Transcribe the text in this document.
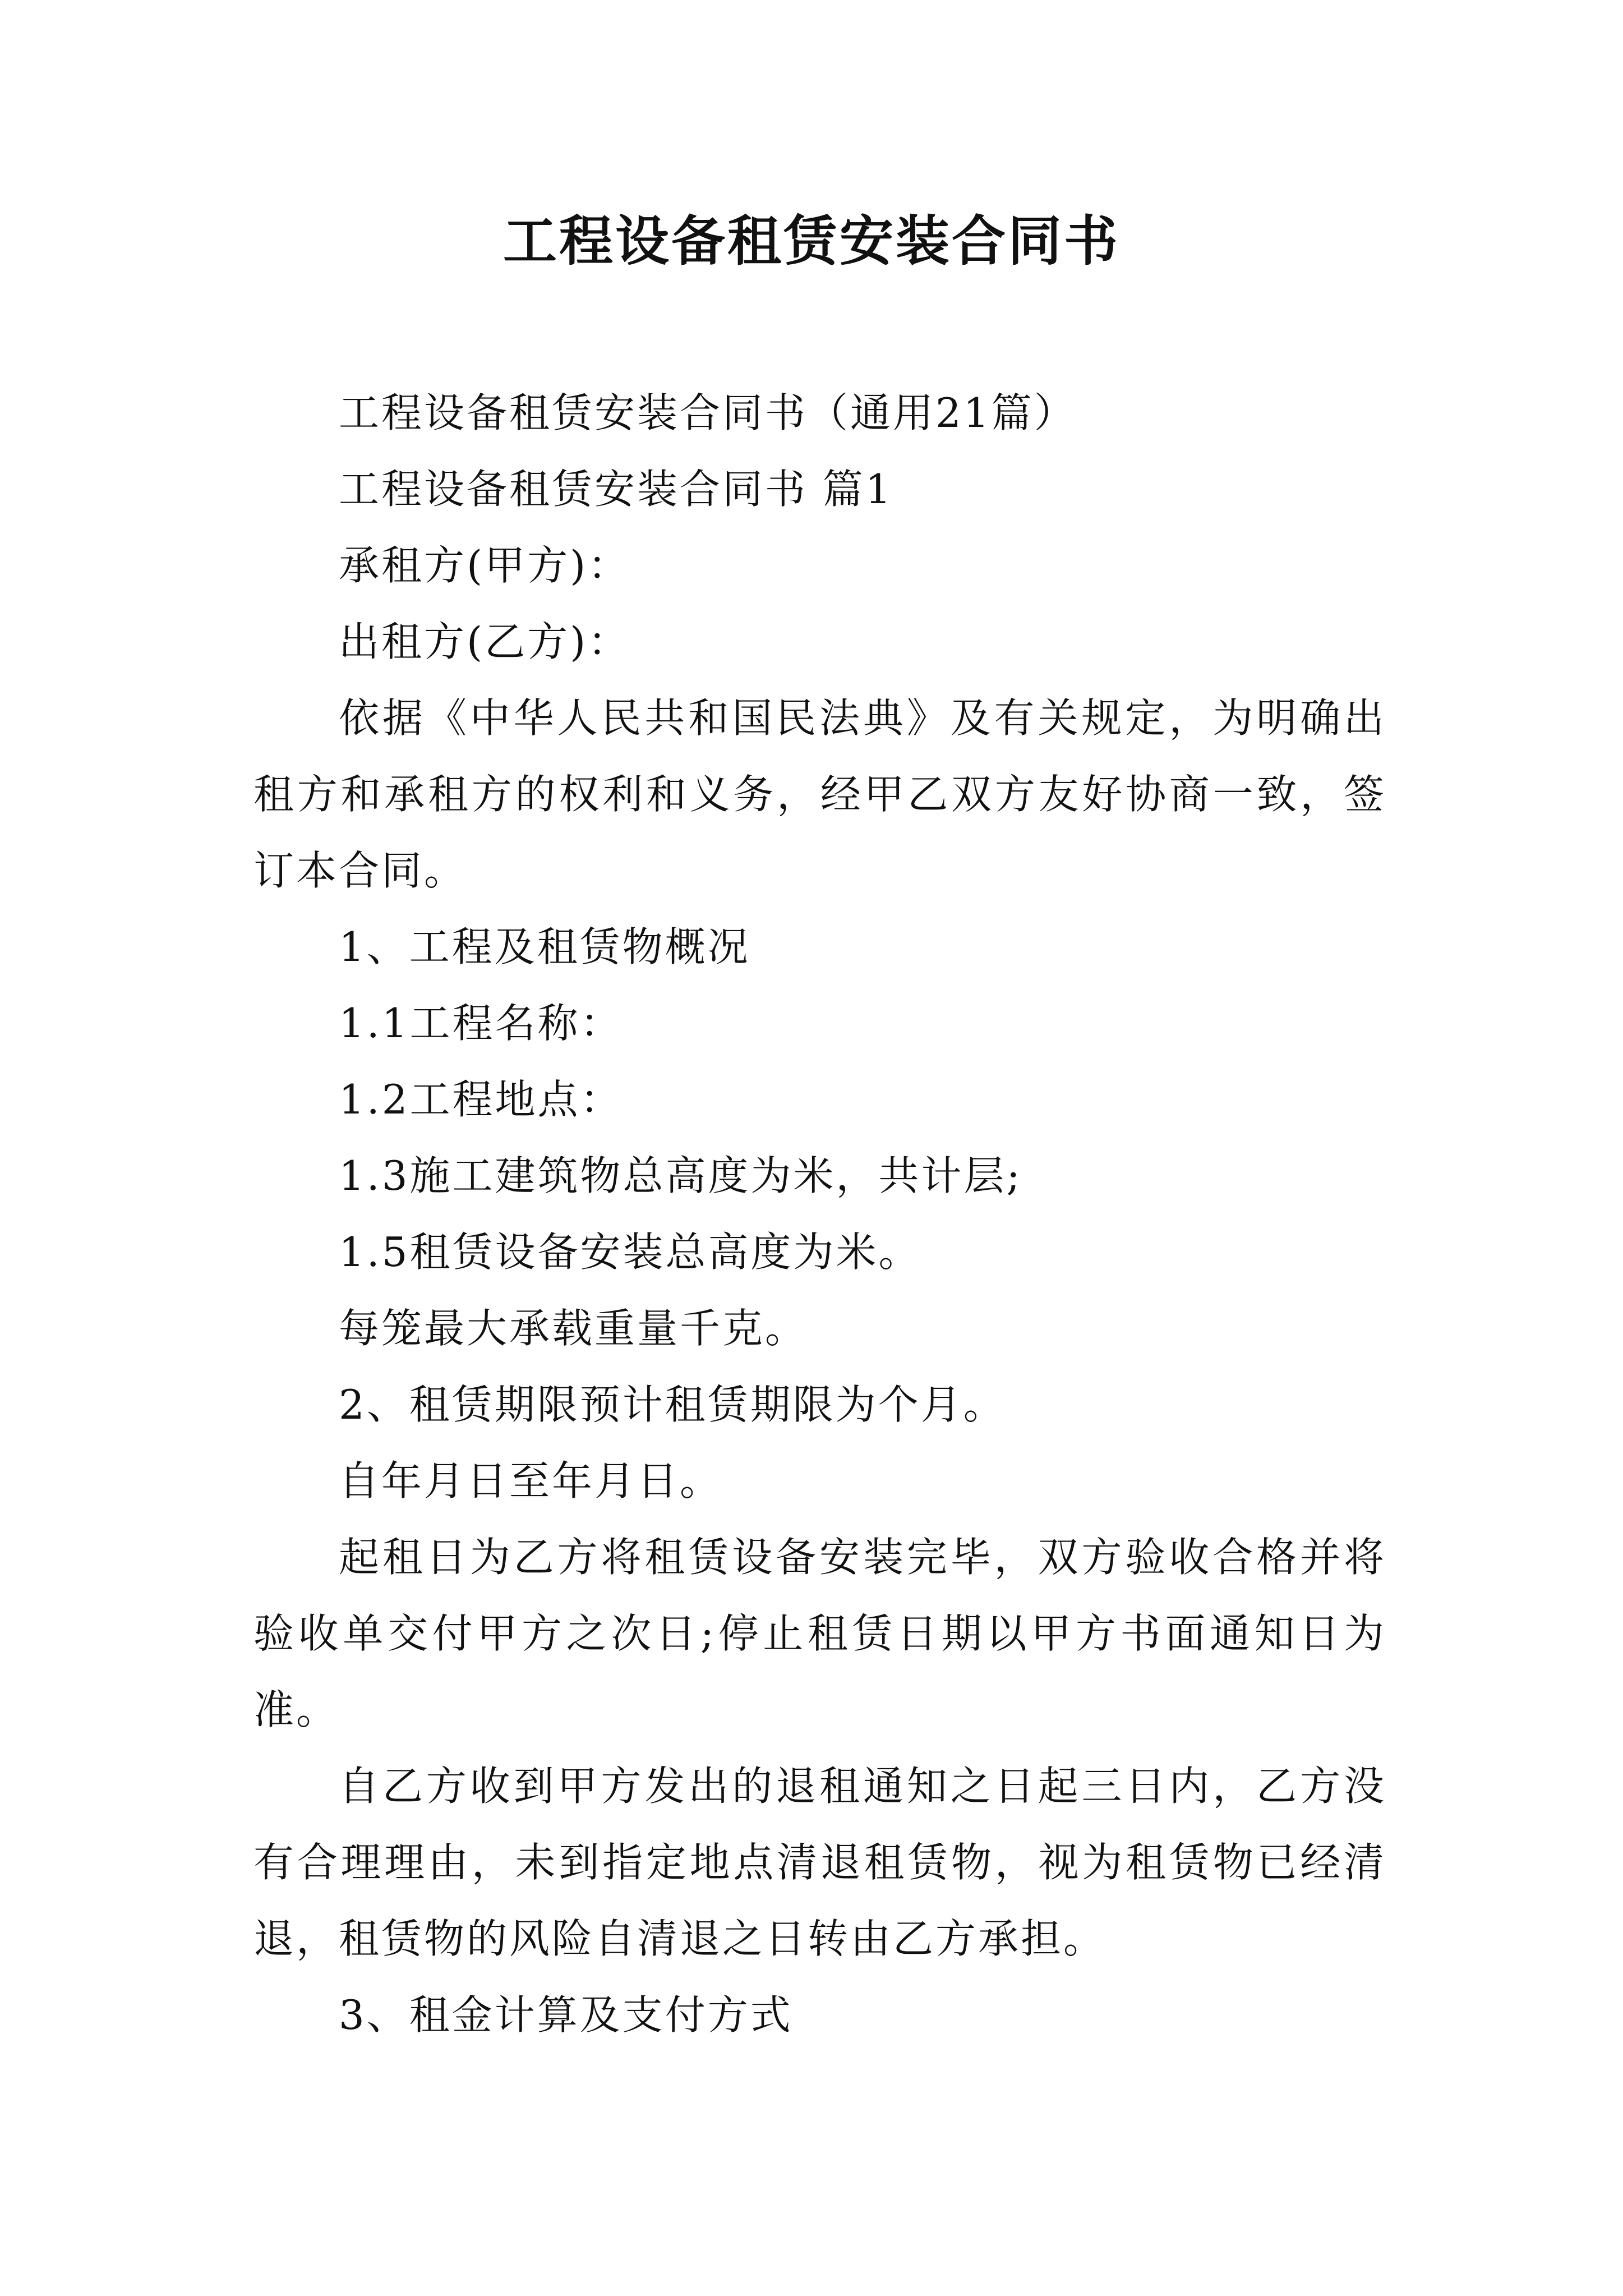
工程设备租赁安装合同书

工程设备租赁安装合同书（通用21篇）

工程设备租赁安装合同书 篇1

承租方(甲方)：

出租方(乙方)：

依据《中华人民共和国民法典》及有关规定，为明确出租方和承租方的权利和义务，经甲乙双方友好协商一致，签订本合同。

1、工程及租赁物概况

1.1工程名称：

1.2工程地点：

1.3施工建筑物总高度为米，共计层;

1.5租赁设备安装总高度为米。

每笼最大承载重量千克。

2、租赁期限预计租赁期限为个月。

自年月日至年月日。

起租日为乙方将租赁设备安装完毕，双方验收合格并将验收单交付甲方之次日;停止租赁日期以甲方书面通知日为准。

自乙方收到甲方发出的退租通知之日起三日内，乙方没有合理理由，未到指定地点清退租赁物，视为租赁物已经清退，租赁物的风险自清退之日转由乙方承担。

3、租金计算及支付方式
